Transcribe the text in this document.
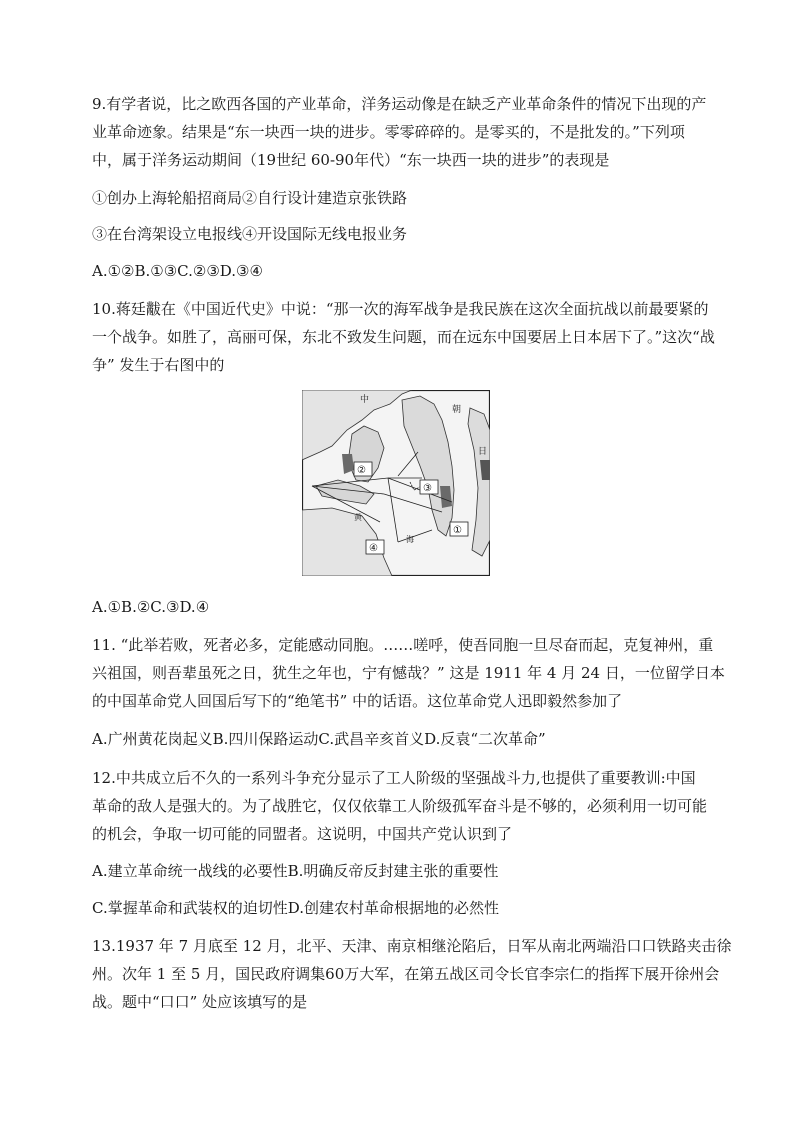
9.有学者说，比之欧西各国的产业革命，洋务运动像是在缺乏产业革命条件的情况下出现的产
业革命迹象。结果是“东一块西一块的进步。零零碎碎的。是零买的，不是批发的。”下列项
中，属于洋务运动期间（19世纪 60-90年代）“东一块西一块的进步”的表现是
①创办上海轮船招商局②自行设计建造京张铁路
③在台湾架设立电报线④开设国际无线电报业务
A.①②B.①③C.②③D.③④
10.蒋廷黻在《中国近代史》中说：“那一次的海军战争是我民族在这次全面抗战以前最要紧的
一个战争。如胜了，高丽可保，东北不致发生问题，而在远东中国要居上日本居下了。”这次“战
争” 发生于右图中的
中
朝
日
黄
海
②
③
①
④
A.①B.②C.③D.④
11. “此举若败，死者必多，定能感动同胞。……嗟呼，使吾同胞一旦尽奋而起，克复神州，重
兴祖国，则吾辈虽死之日，犹生之年也，宁有憾哉？” 这是 1911 年 4 月 24 日，一位留学日本
的中国革命党人回国后写下的“绝笔书” 中的话语。这位革命党人迅即毅然参加了
A.广州黄花岗起义B.四川保路运动C.武昌辛亥首义D.反袁“二次革命”
12.中共成立后不久的一系列斗争充分显示了工人阶级的坚强战斗力,也提供了重要教训:中国
革命的敌人是强大的。为了战胜它，仅仅依靠工人阶级孤军奋斗是不够的，必须利用一切可能
的机会，争取一切可能的同盟者。这说明，中国共产党认识到了
A.建立革命统一战线的必要性B.明确反帝反封建主张的重要性
C.掌握革命和武装权的迫切性D.创建农村革命根据地的必然性
13.1937 年 7 月底至 12 月，北平、天津、南京相继沦陷后，日军从南北两端沿口口铁路夹击徐
州。次年 1 至 5 月，国民政府调集60万大军，在第五战区司令长官李宗仁的指挥下展开徐州会
战。题中“口口” 处应该填写的是
